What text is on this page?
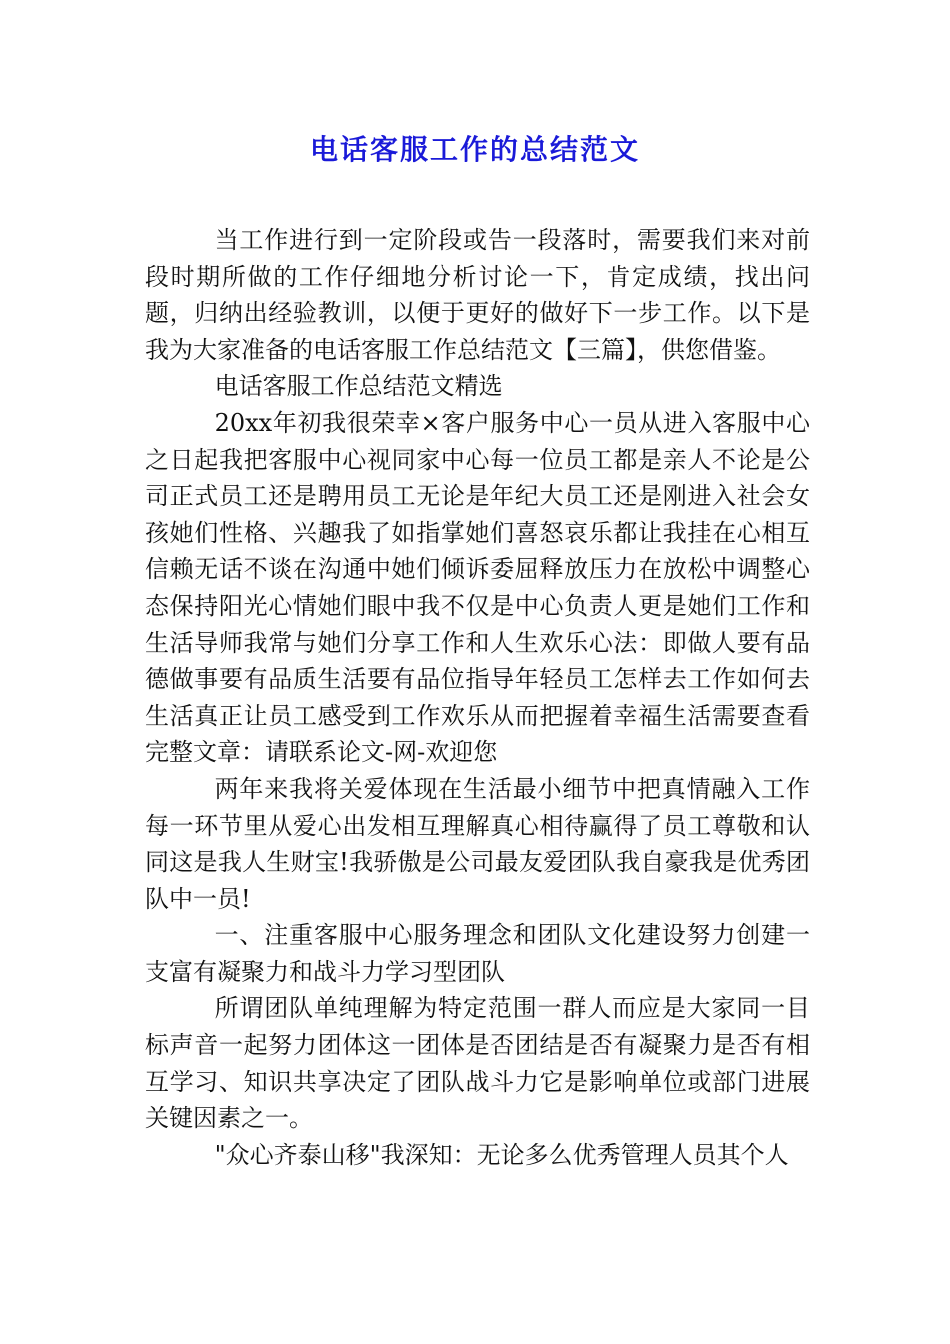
电话客服工作的总结范文

当工作进行到一定阶段或告一段落时，需要我们来对前段时期所做的工作仔细地分析讨论一下，肯定成绩，找出问题，归纳出经验教训，以便于更好的做好下一步工作。以下是我为大家准备的电话客服工作总结范文【三篇】，供您借鉴。

电话客服工作总结范文精选

20xx年初我很荣幸×客户服务中心一员从进入客服中心之日起我把客服中心视同家中心每一位员工都是亲人不论是公司正式员工还是聘用员工无论是年纪大员工还是刚进入社会女孩她们性格、兴趣我了如指掌她们喜怒哀乐都让我挂在心相互信赖无话不谈在沟通中她们倾诉委屈释放压力在放松中调整心态保持阳光心情她们眼中我不仅是中心负责人更是她们工作和生活导师我常与她们分享工作和人生欢乐心法：即做人要有品德做事要有品质生活要有品位指导年轻员工怎样去工作如何去生活真正让员工感受到工作欢乐从而把握着幸福生活需要查看完整文章：请联系论文-网-欢迎您

两年来我将关爱体现在生活最小细节中把真情融入工作每一环节里从爱心出发相互理解真心相待赢得了员工尊敬和认同这是我人生财宝!我骄傲是公司最友爱团队我自豪我是优秀团队中一员!

一、注重客服中心服务理念和团队文化建设努力创建一支富有凝聚力和战斗力学习型团队

所谓团队单纯理解为特定范围一群人而应是大家同一目标声音一起努力团体这一团体是否团结是否有凝聚力是否有相互学习、知识共享决定了团队战斗力它是影响单位或部门进展关键因素之一。

"众心齐泰山移"我深知：无论多么优秀管理人员其个人
